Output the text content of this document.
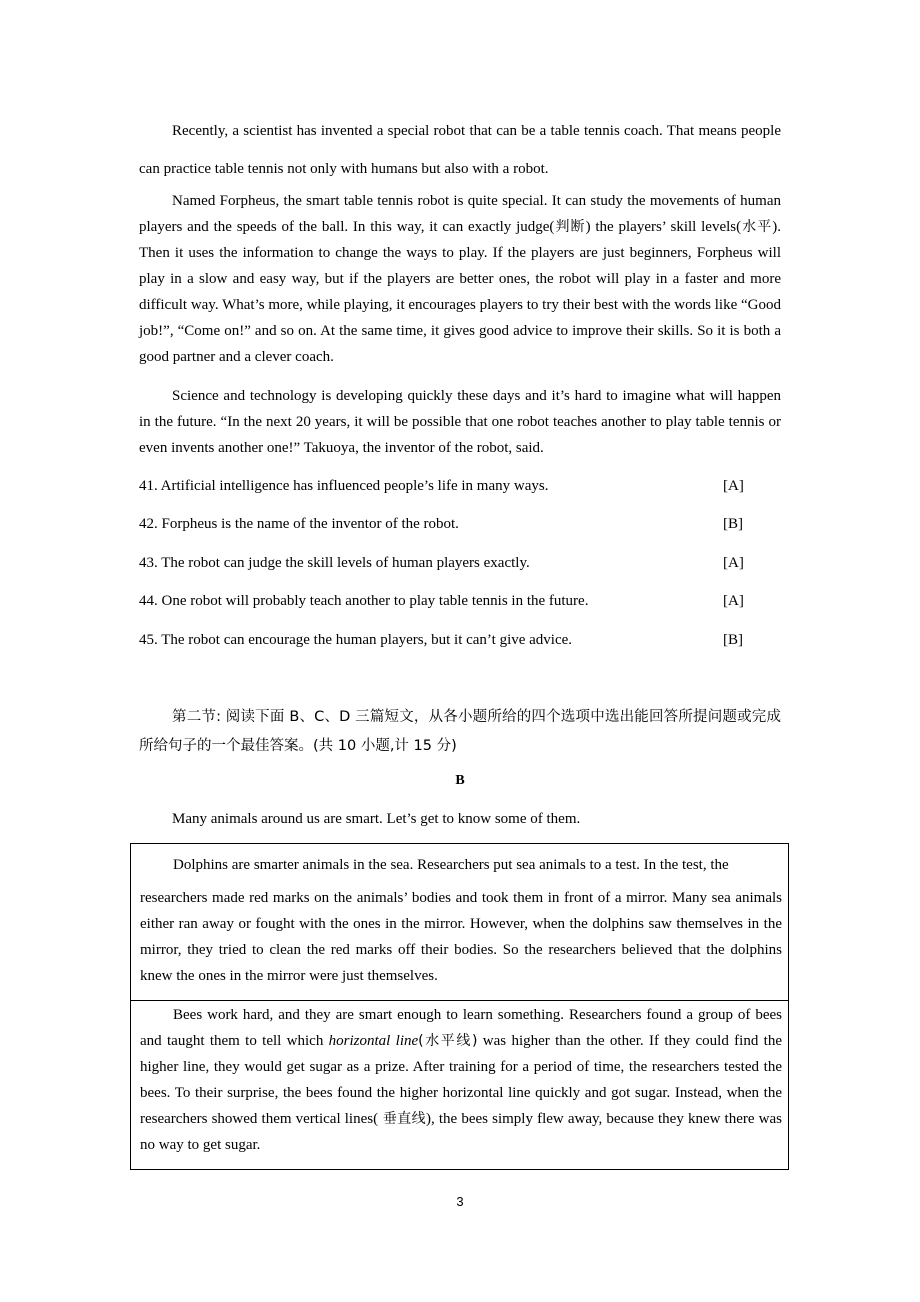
Recently, a scientist has invented a special robot that can be a table tennis coach. That means people can practice table tennis not only with humans but also with a robot.

Named Forpheus, the smart table tennis robot is quite special. It can study the movements of human players and the speeds of the ball. In this way, it can exactly judge(判断) the players’ skill levels(水平). Then it uses the information to change the ways to play. If the players are just beginners, Forpheus will play in a slow and easy way, but if the players are better ones, the robot will play in a faster and more difficult way. What’s more, while playing, it encourages players to try their best with the words like “Good job!”, “Come on!” and so on. At the same time, it gives good advice to improve their skills. So it is both a good partner and a clever coach.

Science and technology is developing quickly these days and it’s hard to imagine what will happen in the future. “In the next 20 years, it will be possible that one robot teaches another to play table tennis or even invents another one!” Takuoya, the inventor of the robot, said.

41. Artificial intelligence has influenced people’s life in many ways.	[A]
42. Forpheus is the name of the inventor of the robot.	[B]
43. The robot can judge the skill levels of human players exactly.	[A]
44. One robot will probably teach another to play table tennis in the future.	[A]
45. The robot can encourage the human players, but it can’t give advice.	[B]

第二节: 阅读下面 B、C、D 三篇短文，从各小题所给的四个选项中选出能回答所提问题或完成所给句子的一个最佳答案。(共 10 小题,计 15 分)

B
Many animals around us are smart. Let’s get to know some of them.

Dolphins are smarter animals in the sea. Researchers put sea animals to a test. In the test, the

researchers made red marks on the animals’ bodies and took them in front of a mirror. Many sea animals either ran away or fought with the ones in the mirror. However, when the dolphins saw themselves in the mirror, they tried to clean the red marks off their bodies. So the researchers believed that the dolphins knew the ones in the mirror were just themselves.

Bees work hard, and they are smart enough to learn something. Researchers found a group of bees and taught them to tell which horizontal line(水平线) was higher than the other. If they could find the higher line, they would get sugar as a prize. After training for a period of time, the researchers tested the bees. To their surprise, the bees found the higher horizontal line quickly and got sugar. Instead, when the researchers showed them vertical lines( 垂直线), the bees simply flew away, because they knew there was no way to get sugar.

3
